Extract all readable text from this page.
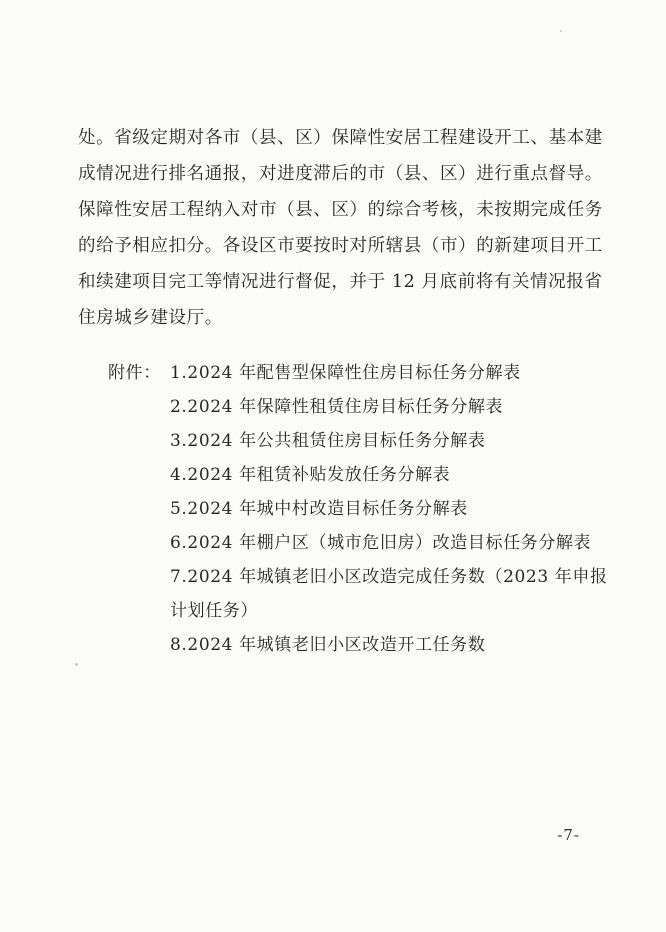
处。省级定期对各市（县、区）保障性安居工程建设开工、基本建
成情况进行排名通报，对进度滞后的市（县、区）进行重点督导。
保障性安居工程纳入对市（县、区）的综合考核，未按期完成任务
的给予相应扣分。各设区市要按时对所辖县（市）的新建项目开工
和续建项目完工等情况进行督促，并于 12 月底前将有关情况报省
住房城乡建设厅。
附件： 1.2024 年配售型保障性住房目标任务分解表
2.2024 年保障性租赁住房目标任务分解表
3.2024 年公共租赁住房目标任务分解表
4.2024 年租赁补贴发放任务分解表
5.2024 年城中村改造目标任务分解表
6.2024 年棚户区（城市危旧房）改造目标任务分解表
7.2024 年城镇老旧小区改造完成任务数（2023 年申报
计划任务）
8.2024 年城镇老旧小区改造开工任务数
-7-
